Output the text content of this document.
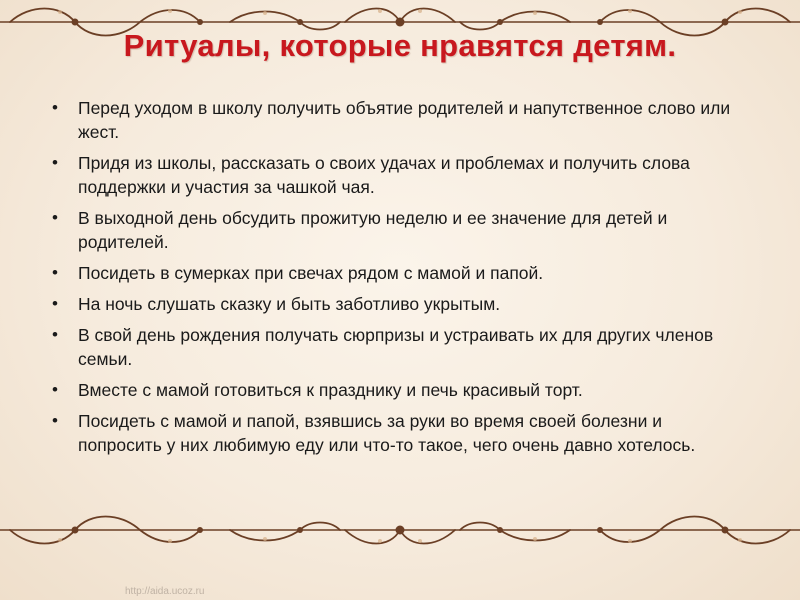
Ритуалы, которые нравятся детям.
• Перед уходом в школу получить объятие родителей и напутственное слово или жест.
• Придя из школы, рассказать о своих удачах и проблемах и получить слова поддержки и участия за чашкой чая.
• В выходной день обсудить прожитую неделю и ее значение для детей и родителей.
• Посидеть в сумерках при свечах рядом с мамой и папой.
• На ночь слушать сказку и быть заботливо укрытым.
• В свой день рождения получать сюрпризы и устраивать их для других членов семьи.
• Вместе с мамой готовиться к празднику и печь красивый торт.
• Посидеть с мамой и папой, взявшись за руки во время своей болезни и попросить у них любимую еду или что-то такое, чего очень давно хотелось.
http://aida.ucoz.ru
